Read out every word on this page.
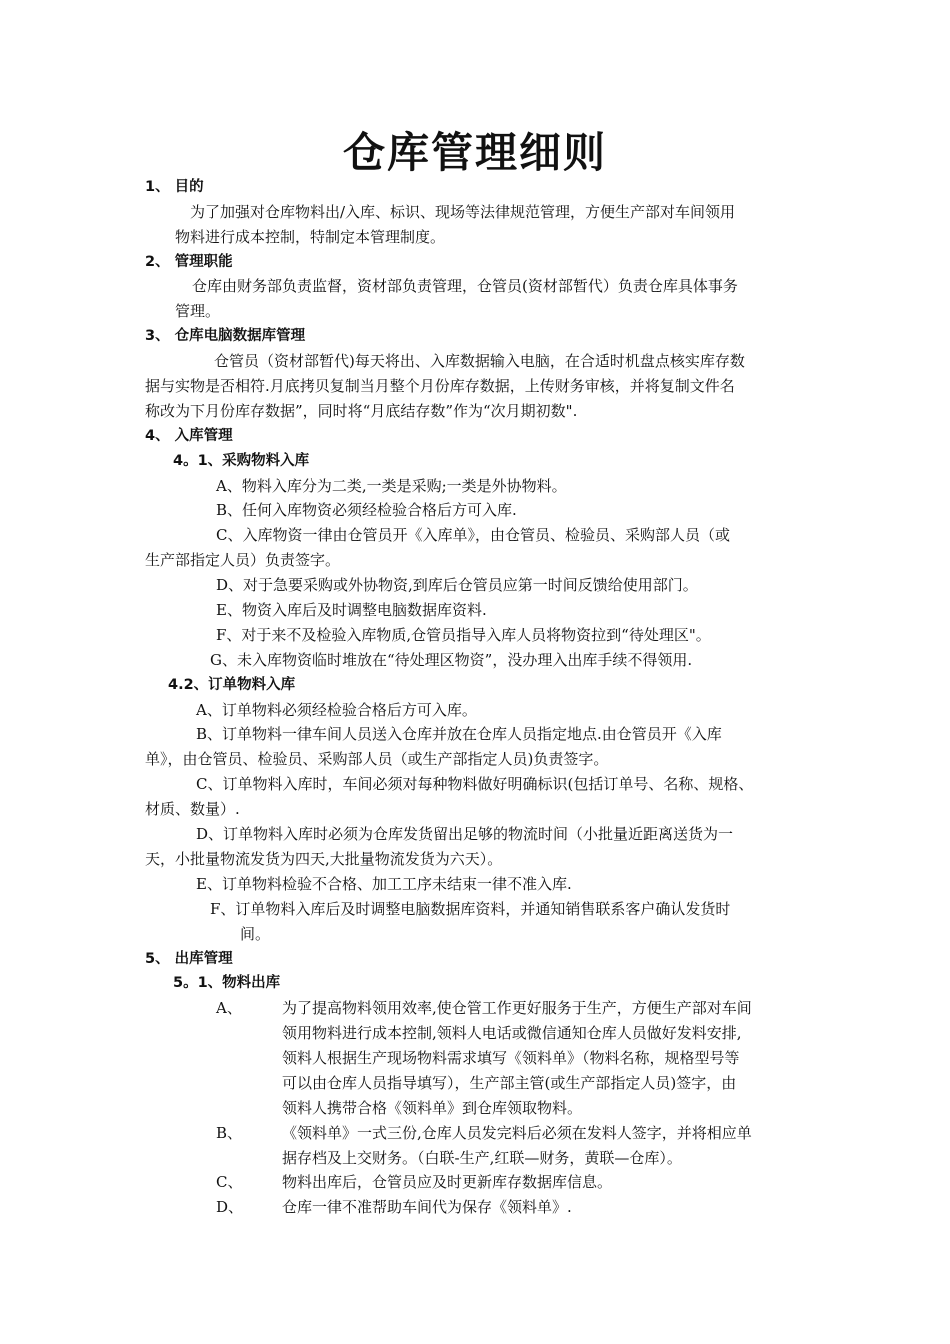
仓库管理细则
1、 目的
为了加强对仓库物料出/入库、标识、现场等法律规范管理，方便生产部对车间领用
物料进行成本控制，特制定本管理制度。
2、 管理职能
仓库由财务部负责监督，资材部负责管理，仓管员(资材部暂代）负责仓库具体事务
管理。
3、 仓库电脑数据库管理
仓管员（资材部暂代)每天将出、入库数据输入电脑，在合适时机盘点核实库存数
据与实物是否相符.月底拷贝复制当月整个月份库存数据，上传财务审核，并将复制文件名
称改为下月份库存数据”，同时将“月底结存数”作为“次月期初数".
4、 入库管理
4。1、采购物料入库
A、物料入库分为二类,一类是采购;一类是外协物料。
B、任何入库物资必须经检验合格后方可入库.
C、入库物资一律由仓管员开《入库单》，由仓管员、检验员、采购部人员（或
生产部指定人员）负责签字。
D、对于急要采购或外协物资,到库后仓管员应第一时间反馈给使用部门。
E、物资入库后及时调整电脑数据库资料.
F、对于来不及检验入库物质,仓管员指导入库人员将物资拉到“待处理区"。
G、未入库物资临时堆放在“待处理区物资”，没办理入出库手续不得领用.
4.2、订单物料入库
A、订单物料必须经检验合格后方可入库。
B、订单物料一律车间人员送入仓库并放在仓库人员指定地点.由仓管员开《入库
单》，由仓管员、检验员、采购部人员（或生产部指定人员)负责签字。
C、订单物料入库时，车间必须对每种物料做好明确标识(包括订单号、名称、规格、
材质、数量）.
D、订单物料入库时必须为仓库发货留出足够的物流时间（小批量近距离送货为一
天，小批量物流发货为四天,大批量物流发货为六天）。
E、订单物料检验不合格、加工工序未结束一律不准入库.
F、订单物料入库后及时调整电脑数据库资料，并通知销售联系客户确认发货时
间。
5、 出库管理
5。1、物料出库
A、	为了提高物料领用效率,使仓管工作更好服务于生产，方便生产部对车间
领用物料进行成本控制,领料人电话或微信通知仓库人员做好发料安排,
领料人根据生产现场物料需求填写《领料单》（物料名称，规格型号等
可以由仓库人员指导填写），生产部主管(或生产部指定人员)签字，由
领料人携带合格《领料单》到仓库领取物料。
B、	《领料单》一式三份,仓库人员发完料后必须在发料人签字，并将相应单
据存档及上交财务。（白联-生产,红联—财务，黄联—仓库）。
C、	物料出库后，仓管员应及时更新库存数据库信息。
D、	仓库一律不准帮助车间代为保存《领料单》.
